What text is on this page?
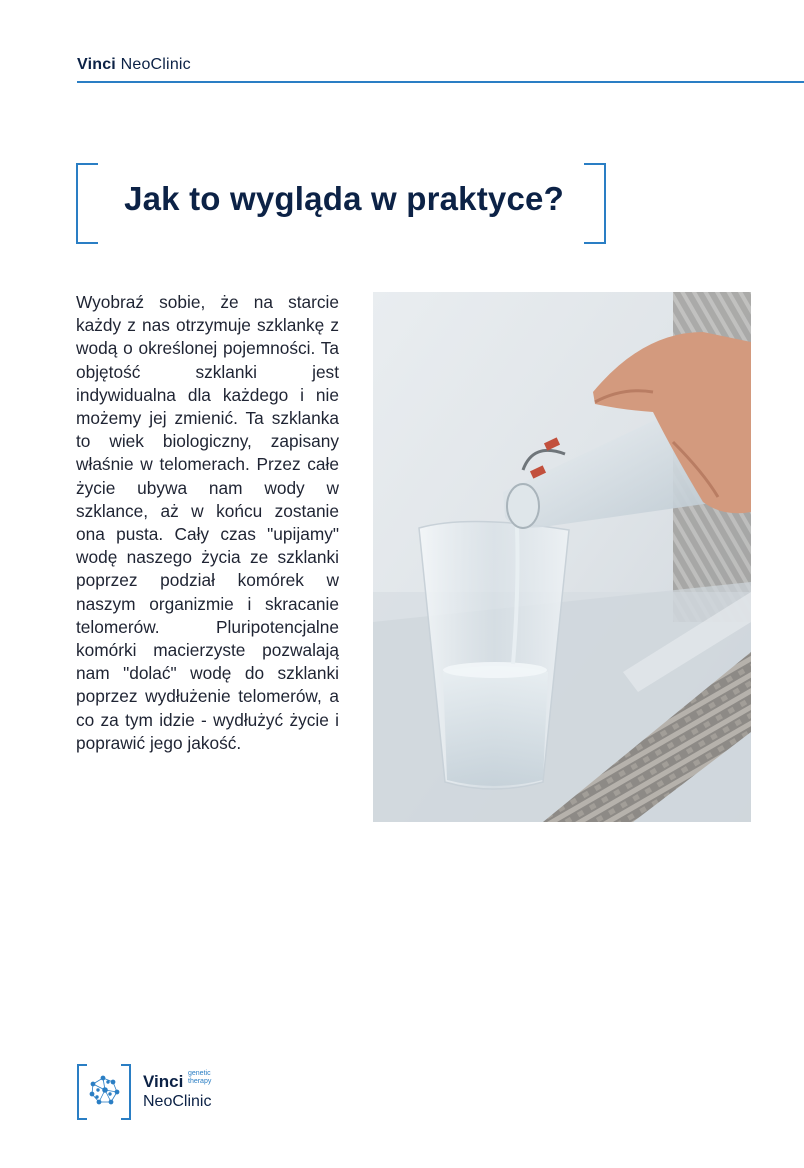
Vinci NeoClinic
Jak to wygląda w praktyce?
Wyobraź sobie, że na starcie każdy z nas otrzymuje szklankę z wodą o określonej pojemności. Ta objętość szklanki jest indywidualna dla każdego i nie możemy jej zmienić. Ta szklanka to wiek biologiczny, zapisany właśnie w telomerach. Przez całe życie ubywa nam wody w szklance, aż w końcu zostanie ona pusta. Cały czas "upijamy" wodę naszego życia ze szklanki poprzez podział komórek w naszym organizmie i skracanie telomerów. Pluripotencjalne komórki macierzyste pozwalają nam "dolać" wodę do szklanki poprzez wydłużenie telomerów, a co za tym idzie - wydłużyć życie i poprawić jego jakość.
Vinci genetic
therapy
NeoClinic
